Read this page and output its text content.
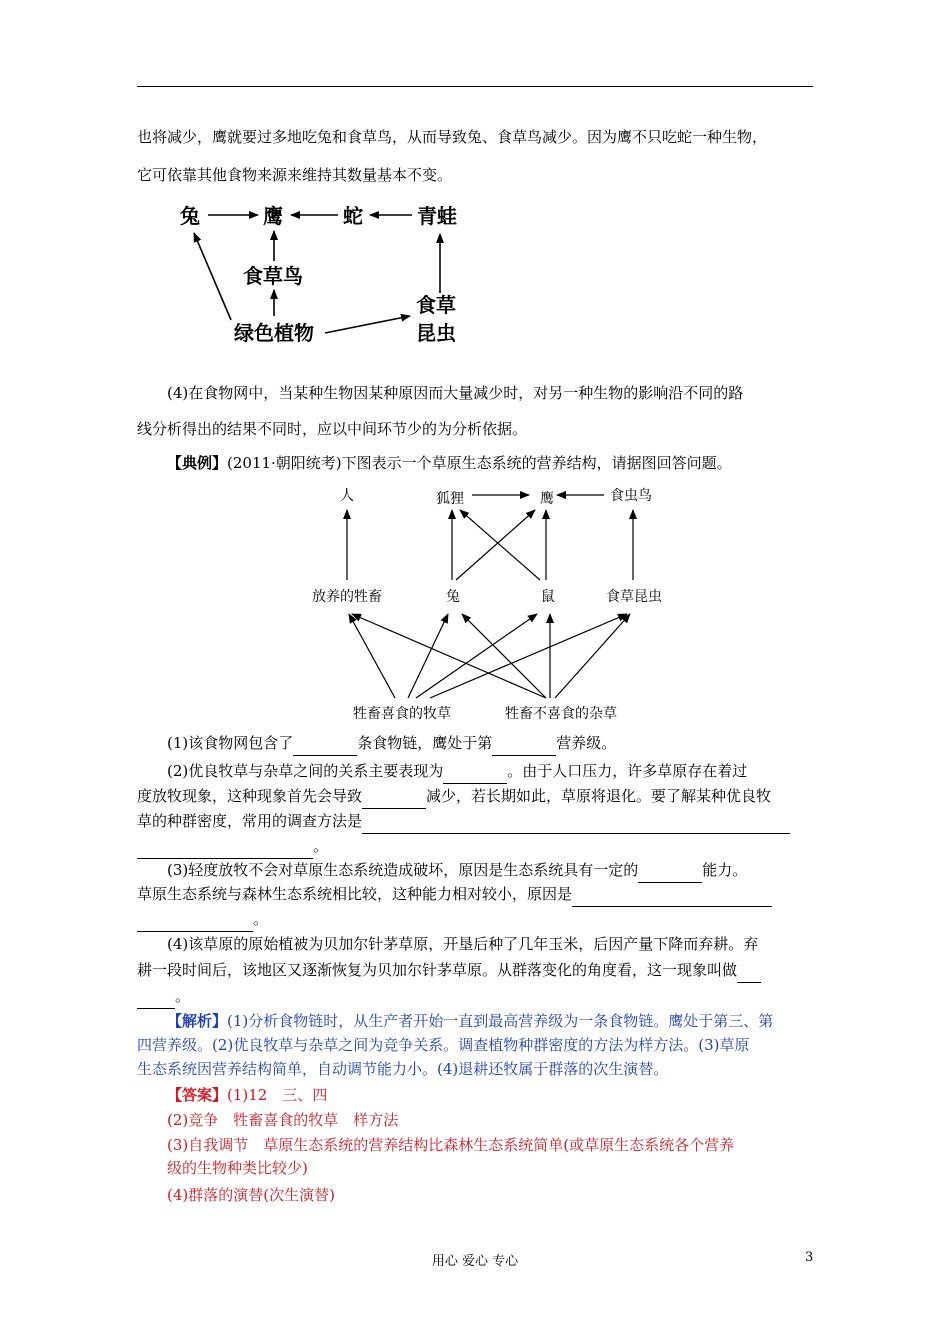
也将减少，鹰就要过多地吃兔和食草鸟，从而导致兔、食草鸟减少。因为鹰不只吃蛇一种生物，
它可依靠其他食物来源来维持其数量基本不变。
兔	鹰	蛇	青蛙
食草鸟
食草
昆虫
绿色植物
(4)在食物网中，当某种生物因某种原因而大量减少时，对另一种生物的影响沿不同的路
线分析得出的结果不同时，应以中间环节少的为分析依据。
【典例】(2011·朝阳统考)下图表示一个草原生态系统的营养结构，请据图回答问题。
人	狐狸	鹰	食虫鸟
放养的牲畜	兔	鼠	食草昆虫
牲畜喜食的牧草	牲畜不喜食的杂草
(1)该食物网包含了	条食物链，鹰处于第	营养级。
(2)优良牧草与杂草之间的关系主要表现为	。由于人口压力，许多草原存在着过
度放牧现象，这种现象首先会导致	减少，若长期如此，草原将退化。要了解某种优良牧
草的种群密度，常用的调查方法是
。
(3)轻度放牧不会对草原生态系统造成破坏，原因是生态系统具有一定的	能力。
草原生态系统与森林生态系统相比较，这种能力相对较小，原因是
。
(4)该草原的原始植被为贝加尔针茅草原，开垦后种了几年玉米，后因产量下降而弃耕。弃
耕一段时间后，该地区又逐渐恢复为贝加尔针茅草原。从群落变化的角度看，这一现象叫做
。
【解析】(1)分析食物链时，从生产者开始一直到最高营养级为一条食物链。鹰处于第三、第
四营养级。(2)优良牧草与杂草之间为竞争关系。调查植物种群密度的方法为样方法。(3)草原
生态系统因营养结构简单，自动调节能力小。(4)退耕还牧属于群落的次生演替。
【答案】(1)12　三、四
(2)竞争　牲畜喜食的牧草　样方法
(3)自我调节　草原生态系统的营养结构比森林生态系统简单(或草原生态系统各个营养
级的生物种类比较少)
(4)群落的演替(次生演替)
用心 爱心 专心	3
